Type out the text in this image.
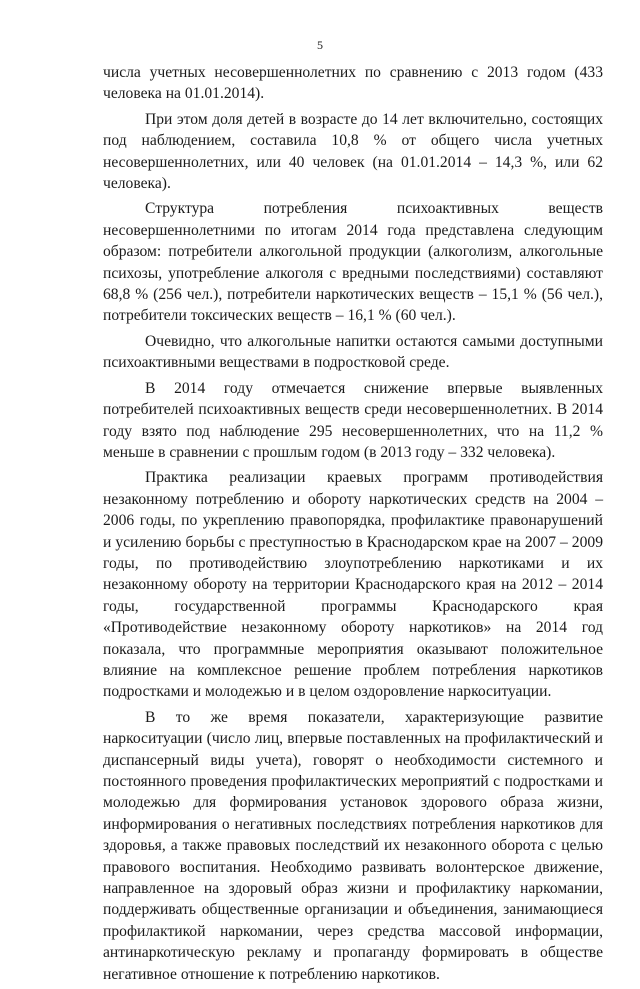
5

числа учетных несовершеннолетних по сравнению с 2013 годом (433 человека на 01.01.2014).

При этом доля детей в возрасте до 14 лет включительно, состоящих под наблюдением, составила 10,8 % от общего числа учетных несовершеннолетних, или 40 человек (на 01.01.2014 – 14,3 %, или 62 человека).

Структура потребления психоактивных веществ несовершеннолетними по итогам 2014 года представлена следующим образом: потребители алкогольной продукции (алкоголизм, алкогольные психозы, употребление алкоголя с вредными последствиями) составляют 68,8 % (256 чел.), потребители наркотических веществ – 15,1 % (56 чел.), потребители токсических веществ – 16,1 % (60 чел.).

Очевидно, что алкогольные напитки остаются самыми доступными психоактивными веществами в подростковой среде.

В 2014 году отмечается снижение впервые выявленных потребителей психоактивных веществ среди несовершеннолетних. В 2014 году взято под наблюдение 295 несовершеннолетних, что на 11,2 % меньше в сравнении с прошлым годом (в 2013 году – 332 человека).

Практика реализации краевых программ противодействия незаконному потреблению и обороту наркотических средств на 2004 – 2006 годы, по укреплению правопорядка, профилактике правонарушений и усилению борьбы с преступностью в Краснодарском крае на 2007 – 2009 годы, по противодействию злоупотреблению наркотиками и их незаконному обороту на территории Краснодарского края на 2012 – 2014 годы, государственной программы Краснодарского края «Противодействие незаконному обороту наркотиков» на 2014 год показала, что программные мероприятия оказывают положительное влияние на комплексное решение проблем потребления наркотиков подростками и молодежью и в целом оздоровление наркоситуации.

В то же время показатели, характеризующие развитие наркоситуации (число лиц, впервые поставленных на профилактический и диспансерный виды учета), говорят о необходимости системного и постоянного проведения профилактических мероприятий с подростками и молодежью для формирования установок здорового образа жизни, информирования о негативных последствиях потребления наркотиков для здоровья, а также правовых последствий их незаконного оборота с целью правового воспитания. Необходимо развивать волонтерское движение, направленное на здоровый образ жизни и профилактику наркомании, поддерживать общественные организации и объединения, занимающиеся профилактикой наркомании, через средства массовой информации, антинаркотическую рекламу и пропаганду формировать в обществе негативное отношение к потреблению наркотиков.
